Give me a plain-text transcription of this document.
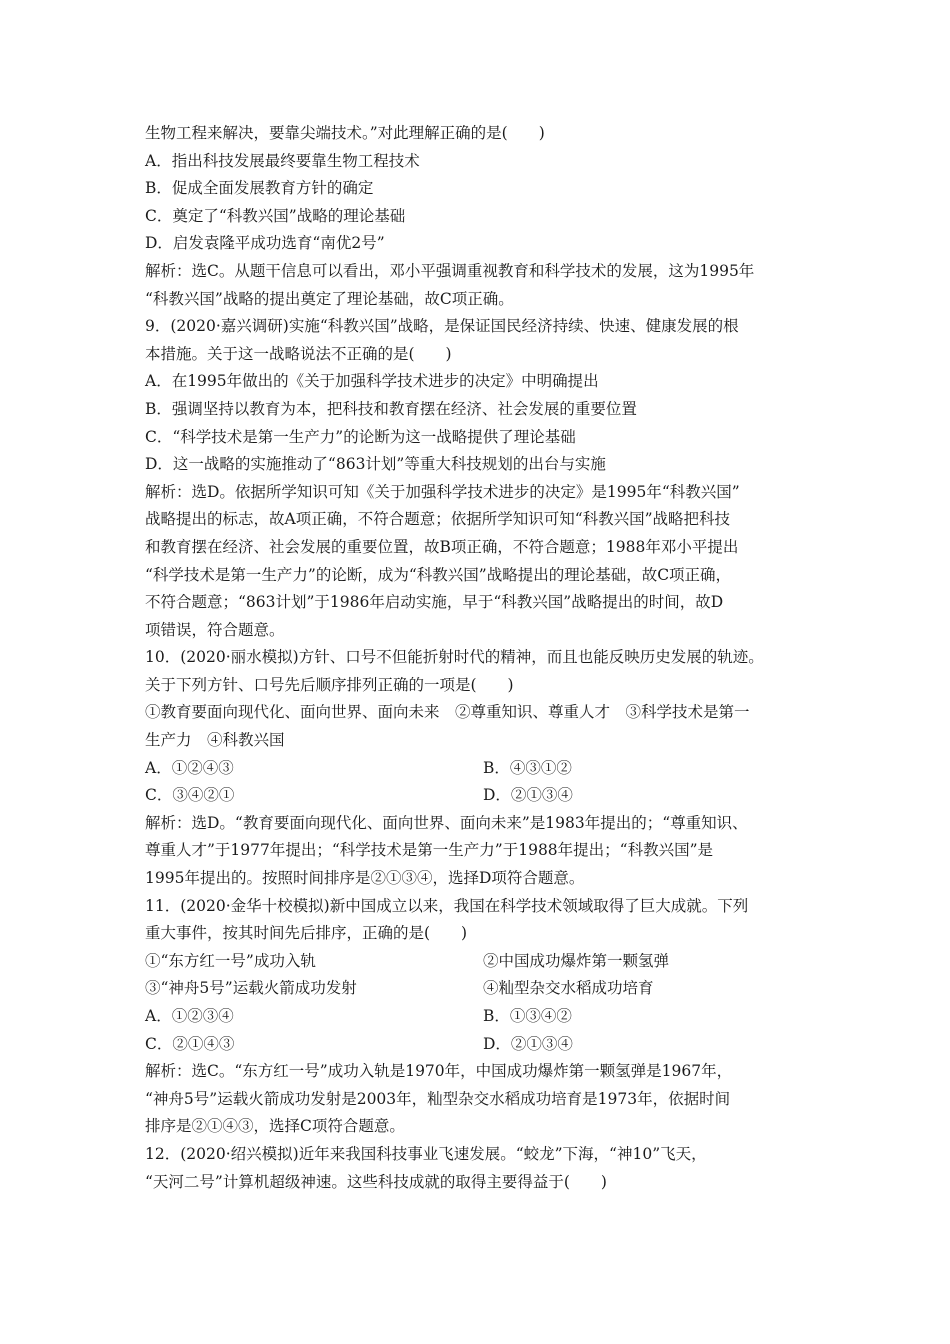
生物工程来解决，要靠尖端技术。”对此理解正确的是(　　)
A．指出科技发展最终要靠生物工程技术
B．促成全面发展教育方针的确定
C．奠定了“科教兴国”战略的理论基础
D．启发袁隆平成功选育“南优2号”
解析：选C。从题干信息可以看出，邓小平强调重视教育和科学技术的发展，这为1995年
“科教兴国”战略的提出奠定了理论基础，故C项正确。
9．(2020·嘉兴调研)实施“科教兴国”战略，是保证国民经济持续、快速、健康发展的根
本措施。关于这一战略说法不正确的是(　　)
A．在1995年做出的《关于加强科学技术进步的决定》中明确提出
B．强调坚持以教育为本，把科技和教育摆在经济、社会发展的重要位置
C．“科学技术是第一生产力”的论断为这一战略提供了理论基础
D．这一战略的实施推动了“863计划”等重大科技规划的出台与实施
解析：选D。依据所学知识可知《关于加强科学技术进步的决定》是1995年“科教兴国”
战略提出的标志，故A项正确，不符合题意；依据所学知识可知“科教兴国”战略把科技
和教育摆在经济、社会发展的重要位置，故B项正确，不符合题意；1988年邓小平提出
“科学技术是第一生产力”的论断，成为“科教兴国”战略提出的理论基础，故C项正确，
不符合题意；“863计划”于1986年启动实施，早于“科教兴国”战略提出的时间，故D
项错误，符合题意。
10．(2020·丽水模拟)方针、口号不但能折射时代的精神，而且也能反映历史发展的轨迹。
关于下列方针、口号先后顺序排列正确的一项是(　　)
①教育要面向现代化、面向世界、面向未来　②尊重知识、尊重人才　③科学技术是第一
生产力　④科教兴国
A．①②④③	B．④③①②
C．③④②①	D．②①③④
解析：选D。“教育要面向现代化、面向世界、面向未来”是1983年提出的；“尊重知识、
尊重人才”于1977年提出；“科学技术是第一生产力”于1988年提出；“科教兴国”是
1995年提出的。按照时间排序是②①③④，选择D项符合题意。
11．(2020·金华十校模拟)新中国成立以来，我国在科学技术领域取得了巨大成就。下列
重大事件，按其时间先后排序，正确的是(　　)
①“东方红一号”成功入轨	②中国成功爆炸第一颗氢弹
③“神舟5号”运载火箭成功发射	④籼型杂交水稻成功培育
A．①②③④	B．①③④②
C．②①④③	D．②①③④
解析：选C。“东方红一号”成功入轨是1970年，中国成功爆炸第一颗氢弹是1967年，
“神舟5号”运载火箭成功发射是2003年，籼型杂交水稻成功培育是1973年，依据时间
排序是②①④③，选择C项符合题意。
12．(2020·绍兴模拟)近年来我国科技事业飞速发展。“蛟龙”下海，“神10”飞天，
“天河二号”计算机超级神速。这些科技成就的取得主要得益于(　　)
